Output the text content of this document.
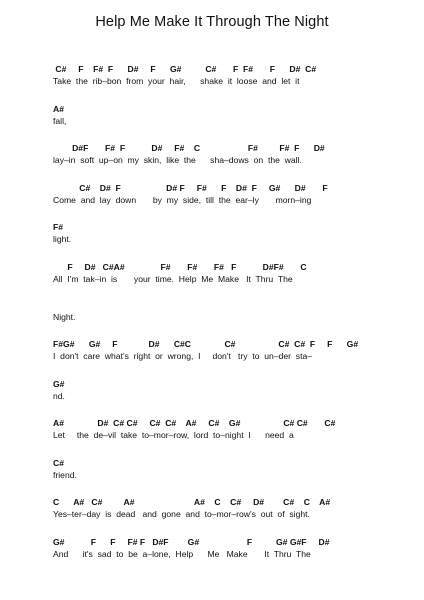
Help Me Make It Through The Night
C#     F    F#  F      D#     F      G#          C#       F  F#       F      D#  C#
Take  the  rib–bon  from  your  hair,      shake  it  loose  and  let  it
A#
fall,
D#F       F#  F           D#     F#    C                    F#         F#  F      D#
lay–in  soft  up–on  my  skin,  like  the      sha–dows  on  the  wall.
C#    D#  F                   D# F     F#      F    D#  F     G#      D#       F
Come  and  lay  down       by  my  side,  till  the  ear–ly       morn–ing
F#
light.
F     D#   C#A#               F#       F#       F#   F           D#F#       C
All  I'm  tak–in  is       your  time.  Help  Me  Make   It  Thru  The
Night.
F#G#      G#     F             D#      C#C              C#                  C#  C#  F     F      G#
I  don't  care  what's  right  or  wrong,  I     don't   try  to  un–der  sta–
G#
nd.
A#              D#  C# C#     C#  C#    A#     C#    G#                  C# C#       C#
Let     the  de–vil  take  to–mor–row,  lord  to–night  I      need  a
C#
friend.
C      A#   C#         A#                         A#    C    C#     D#        C#    C    A#
Yes–ter–day  is  dead   and  gone  and  to–mor–row's  out  of  sight.
G#           F      F     F# F   D#F        G#                    F          G# G#F     D#
And      it's  sad  to  be  a–lone,  Help      Me   Make       It  Thru  The
